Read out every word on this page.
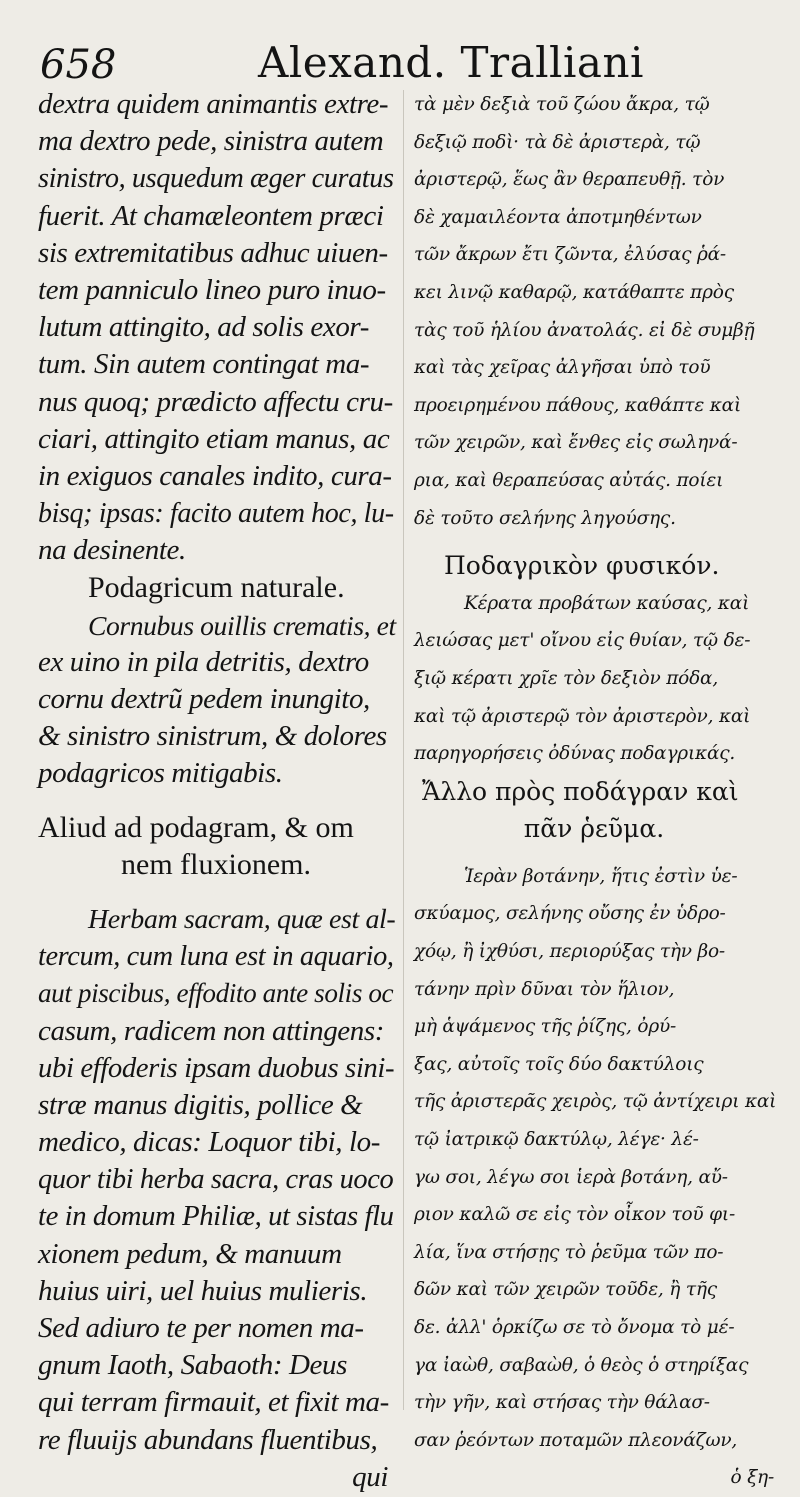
658	Alexand. Tralliani
dextra quidem animantis extre-
ma dextro pede, sinistra autem
sinistro, usquedum æger curatus
fuerit. At chamæleontem præci
sis extremitatibus adhuc uiuen-
tem panniculo lineo puro inuo-
lutum attingito, ad solis exor-
tum. Sin autem contingat ma-
nus quoq; prædicto affectu cru-
ciari, attingito etiam manus, ac
in exiguos canales indito, cura-
bisq; ipsas: facito autem hoc, lu-
na desinente.
Podagricum naturale.
Cornubus ouillis crematis, et
ex uino in pila detritis, dextro
cornu dextrũ pedem inungito,
& sinistro sinistrum, & dolores
podagricos mitigabis.
Aliud ad podagram, & om
nem fluxionem.
Herbam sacram, quæ est al-
tercum, cum luna est in aquario,
aut piscibus, effodito ante solis oc
casum, radicem non attingens:
ubi effoderis ipsam duobus sini-
stræ manus digitis, pollice &
medico, dicas: Loquor tibi, lo-
quor tibi herba sacra, cras uoco
te in domum Philiæ, ut sistas flu
xionem pedum, & manuum
huius uiri, uel huius mulieris.
Sed adiuro te per nomen ma-
gnum Iaoth, Sabaoth: Deus
qui terram firmauit, et fixit ma-
re fluuijs abundans fluentibus,
qui
τὰ μὲν δεξιὰ τοῦ ζώου ἄκρα, τῷ
δεξιῷ ποδὶ· τὰ δὲ ἀριστερὰ, τῷ
ἀριστερῷ, ἕως ἂν θεραπευθῇ. τὸν
δὲ χαμαιλέοντα ἀποτμηθέντων
τῶν ἄκρων ἔτι ζῶντα, ἐλύσας ῥά-
κει λινῷ καθαρῷ, κατάθαπτε πρὸς
τὰς τοῦ ἡλίου ἀνατολάς. εἰ δὲ συμβῇ
καὶ τὰς χεῖρας ἀλγῆσαι ὑπὸ τοῦ
προειρημένου πάθους, καθάπτε καὶ
τῶν χειρῶν, καὶ ἔνθες εἰς σωληνά-
ρια, καὶ θεραπεύσας αὐτάς. ποίει
δὲ τοῦτο σελήνης ληγούσης.
Ποδαγρικὸν φυσικόν.
Κέρατα προβάτων καύσας, καὶ
λειώσας μετ' οἴνου εἰς θυίαν, τῷ δε-
ξιῷ κέρατι χρῖε τὸν δεξιὸν πόδα,
καὶ τῷ ἀριστερῷ τὸν ἀριστερὸν, καὶ
παρηγορήσεις ὀδύνας ποδαγρικάς.
Ἄλλο πρὸς ποδάγραν καὶ
πᾶν ῥεῦμα.
Ἱερὰν βοτάνην, ἥτις ἐστὶν ὑε-
σκύαμος, σελήνης οὔσης ἐν ὑδρο-
χόῳ, ἢ ἰχθύσι, περιορύξας τὴν βο-
τάνην πρὶν δῦναι τὸν ἥλιον,
μὴ ἁψάμενος τῆς ῥίζης, ὀρύ-
ξας, αὐτοῖς τοῖς δύο δακτύλοις
τῆς ἀριστερᾶς χειρὸς, τῷ ἀντίχειρι καὶ
τῷ ἰατρικῷ δακτύλῳ, λέγε· λέ-
γω σοι, λέγω σοι ἱερὰ βοτάνη, αὔ-
ριον καλῶ σε εἰς τὸν οἶκον τοῦ φι-
λία, ἵνα στήσῃς τὸ ῥεῦμα τῶν πο-
δῶν καὶ τῶν χειρῶν τοῦδε, ἢ τῆς
δε. ἀλλ' ὁρκίζω σε τὸ ὄνομα τὸ μέ-
γα ἰαὼθ, σαβαὼθ, ὁ θεὸς ὁ στηρίξας
τὴν γῆν, καὶ στήσας τὴν θάλασ-
σαν ῥεόντων ποταμῶν πλεονάζων,
ὁ ξη-
